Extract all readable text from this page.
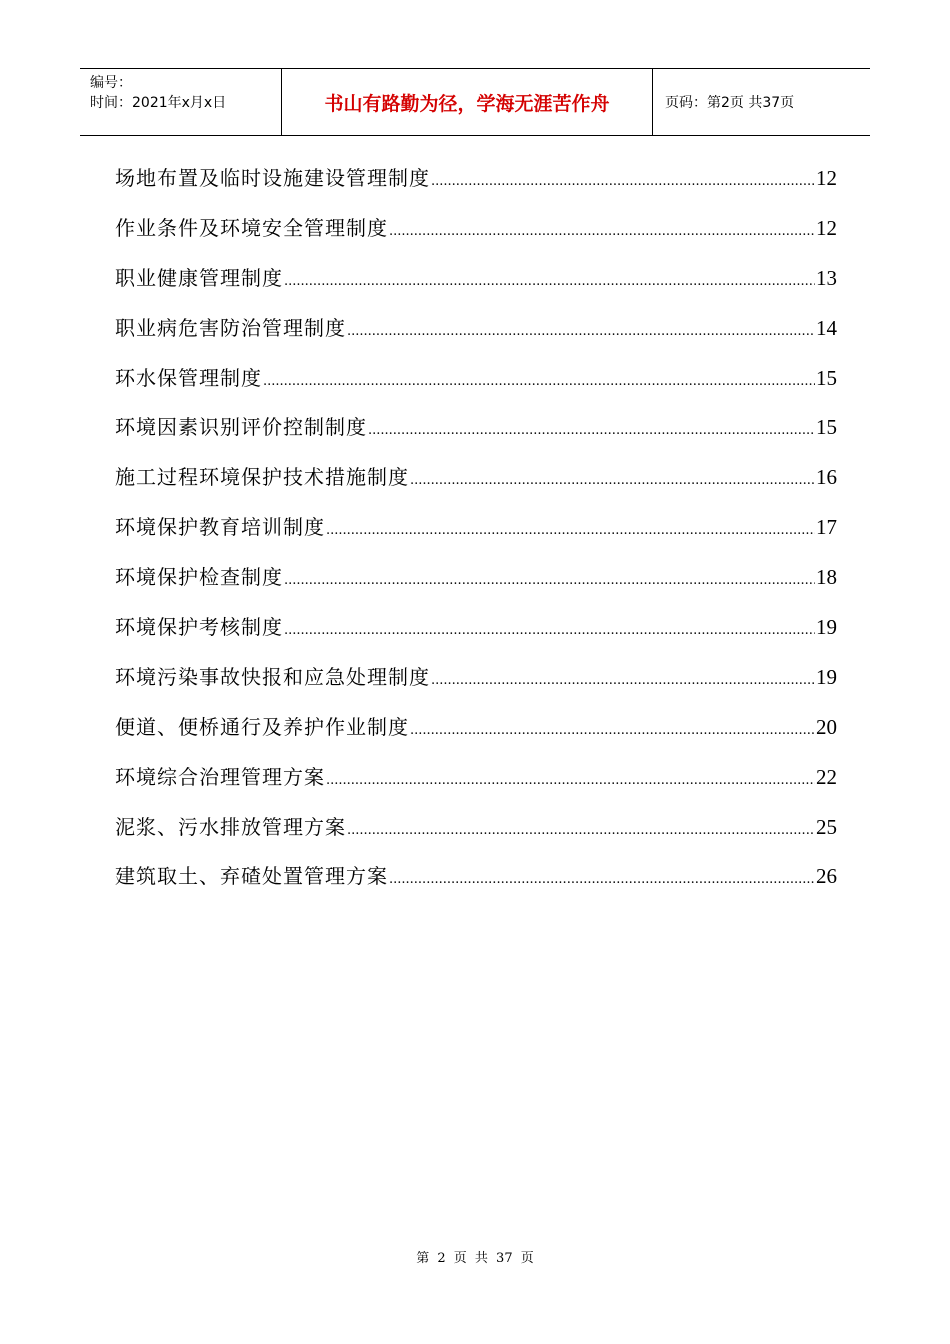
编号：
时间：2021年x月x日	书山有路勤为径，学海无涯苦作舟	页码：第2页 共37页
场地布置及临时设施建设管理制度 .....	12
作业条件及环境安全管理制度 .....	12
职业健康管理制度 .....	13
职业病危害防治管理制度 .....	14
环水保管理制度 .....	15
环境因素识别评价控制制度 .....	15
施工过程环境保护技术措施制度 .....	16
环境保护教育培训制度 .....	17
环境保护检查制度 .....	18
环境保护考核制度 .....	19
环境污染事故快报和应急处理制度 .....	19
便道、便桥通行及养护作业制度 .....	20
环境综合治理管理方案 .....	22
泥浆、污水排放管理方案 .....	25
建筑取土、弃碴处置管理方案 .....	26
第 2 页 共 37 页
